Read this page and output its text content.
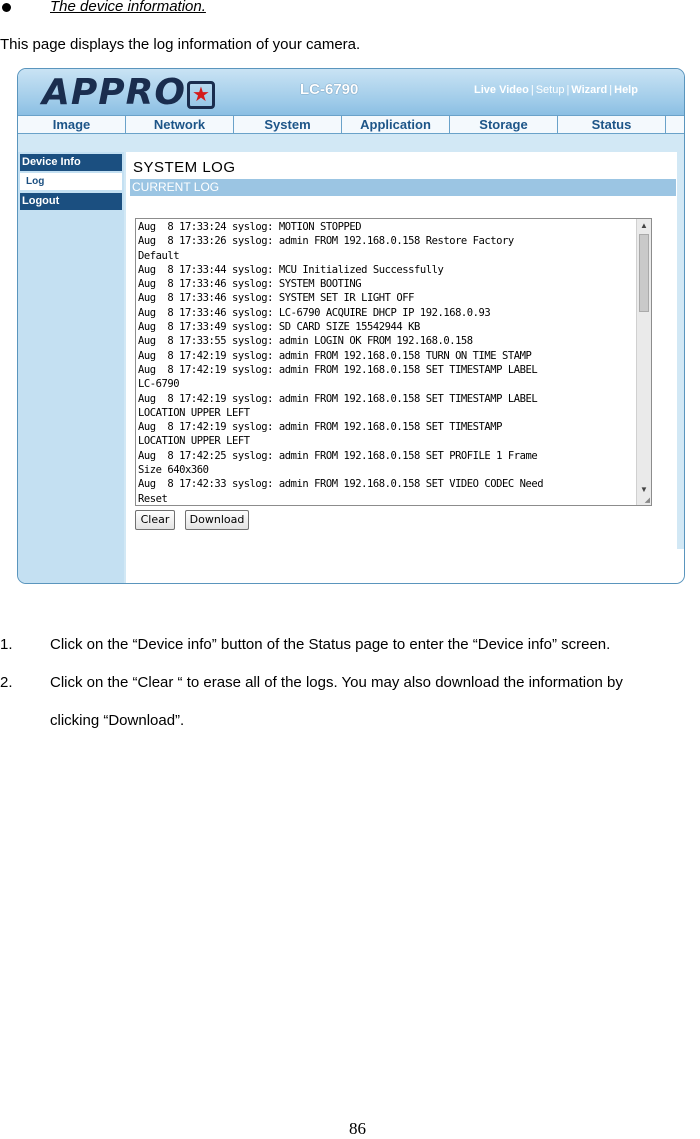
The device information.
This page displays the log information of your camera.
APPRO ★	LC-6790	Live Video | Setup | Wizard | Help
Image	Network	System	Application	Storage	Status
Device Info
Log
Logout
SYSTEM LOG
CURRENT LOG
Aug  8 17:33:24 syslog: MOTION STOPPED
Aug  8 17:33:26 syslog: admin FROM 192.168.0.158 Restore Factory
Default
Aug  8 17:33:44 syslog: MCU Initialized Successfully
Aug  8 17:33:46 syslog: SYSTEM BOOTING
Aug  8 17:33:46 syslog: SYSTEM SET IR LIGHT OFF
Aug  8 17:33:46 syslog: LC-6790 ACQUIRE DHCP IP 192.168.0.93
Aug  8 17:33:49 syslog: SD CARD SIZE 15542944 KB
Aug  8 17:33:55 syslog: admin LOGIN OK FROM 192.168.0.158
Aug  8 17:42:19 syslog: admin FROM 192.168.0.158 TURN ON TIME STAMP
Aug  8 17:42:19 syslog: admin FROM 192.168.0.158 SET TIMESTAMP LABEL
LC-6790
Aug  8 17:42:19 syslog: admin FROM 192.168.0.158 SET TIMESTAMP LABEL
LOCATION UPPER LEFT
Aug  8 17:42:19 syslog: admin FROM 192.168.0.158 SET TIMESTAMP
LOCATION UPPER LEFT
Aug  8 17:42:25 syslog: admin FROM 192.168.0.158 SET PROFILE 1 Frame
Size 640x360
Aug  8 17:42:33 syslog: admin FROM 192.168.0.158 SET VIDEO CODEC Need
Reset
▲
▼
◢
Clear	Download
1. Click on the “Device info” button of the Status page to enter the “Device info” screen.
2. Click on the “Clear “ to erase all of the logs. You may also download the information by
clicking “Download”.
86
